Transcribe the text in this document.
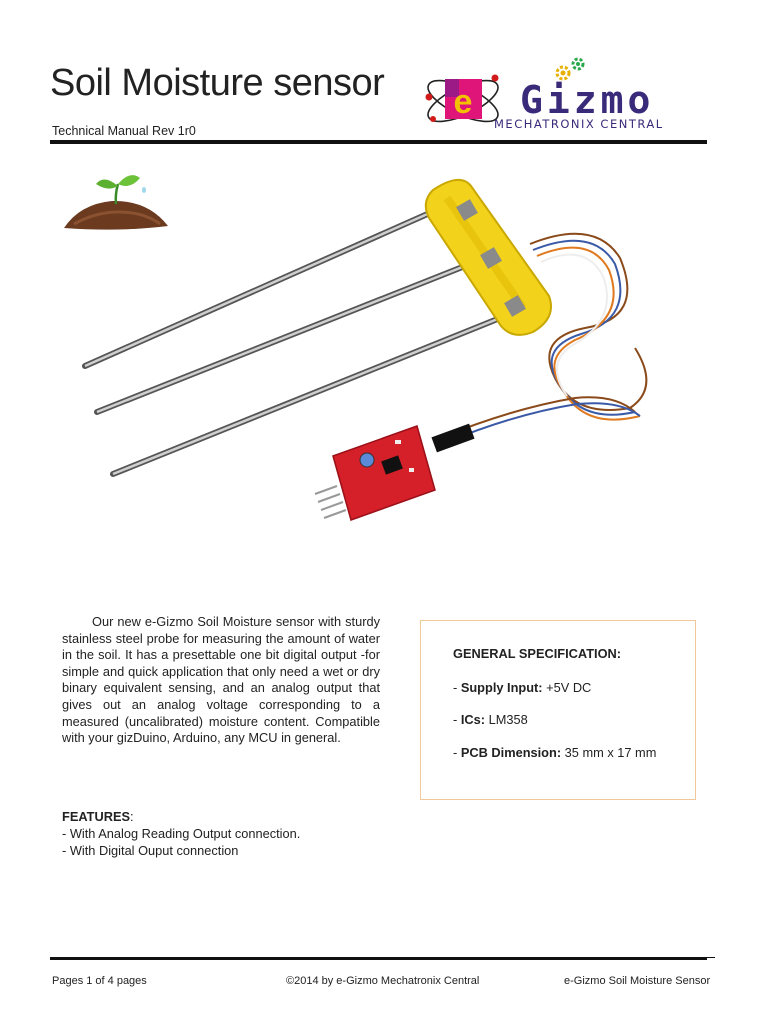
Soil Moisture sensor
Technical Manual Rev 1r0
e Gizmo
MECHATRONIX CENTRAL

Our new e-Gizmo Soil Moisture sensor with sturdy stainless steel probe for measuring the amount of water in the soil. It has a presettable one bit digital output -for simple and quick application that only need a wet or dry binary equivalent sensing, and an analog output that gives out an analog voltage corresponding to a measured (uncalibrated) moisture content. Compatible with your gizDuino, Arduino, any MCU in general.

GENERAL SPECIFICATION:
- Supply Input: +5V DC
- ICs: LM358
- PCB Dimension: 35 mm x 17 mm
FEATURES:
- With Analog Reading Output connection.
- With Digital Ouput connection
Pages 1 of 4 pages	©2014 by e-Gizmo Mechatronix Central	e-Gizmo Soil Moisture Sensor
